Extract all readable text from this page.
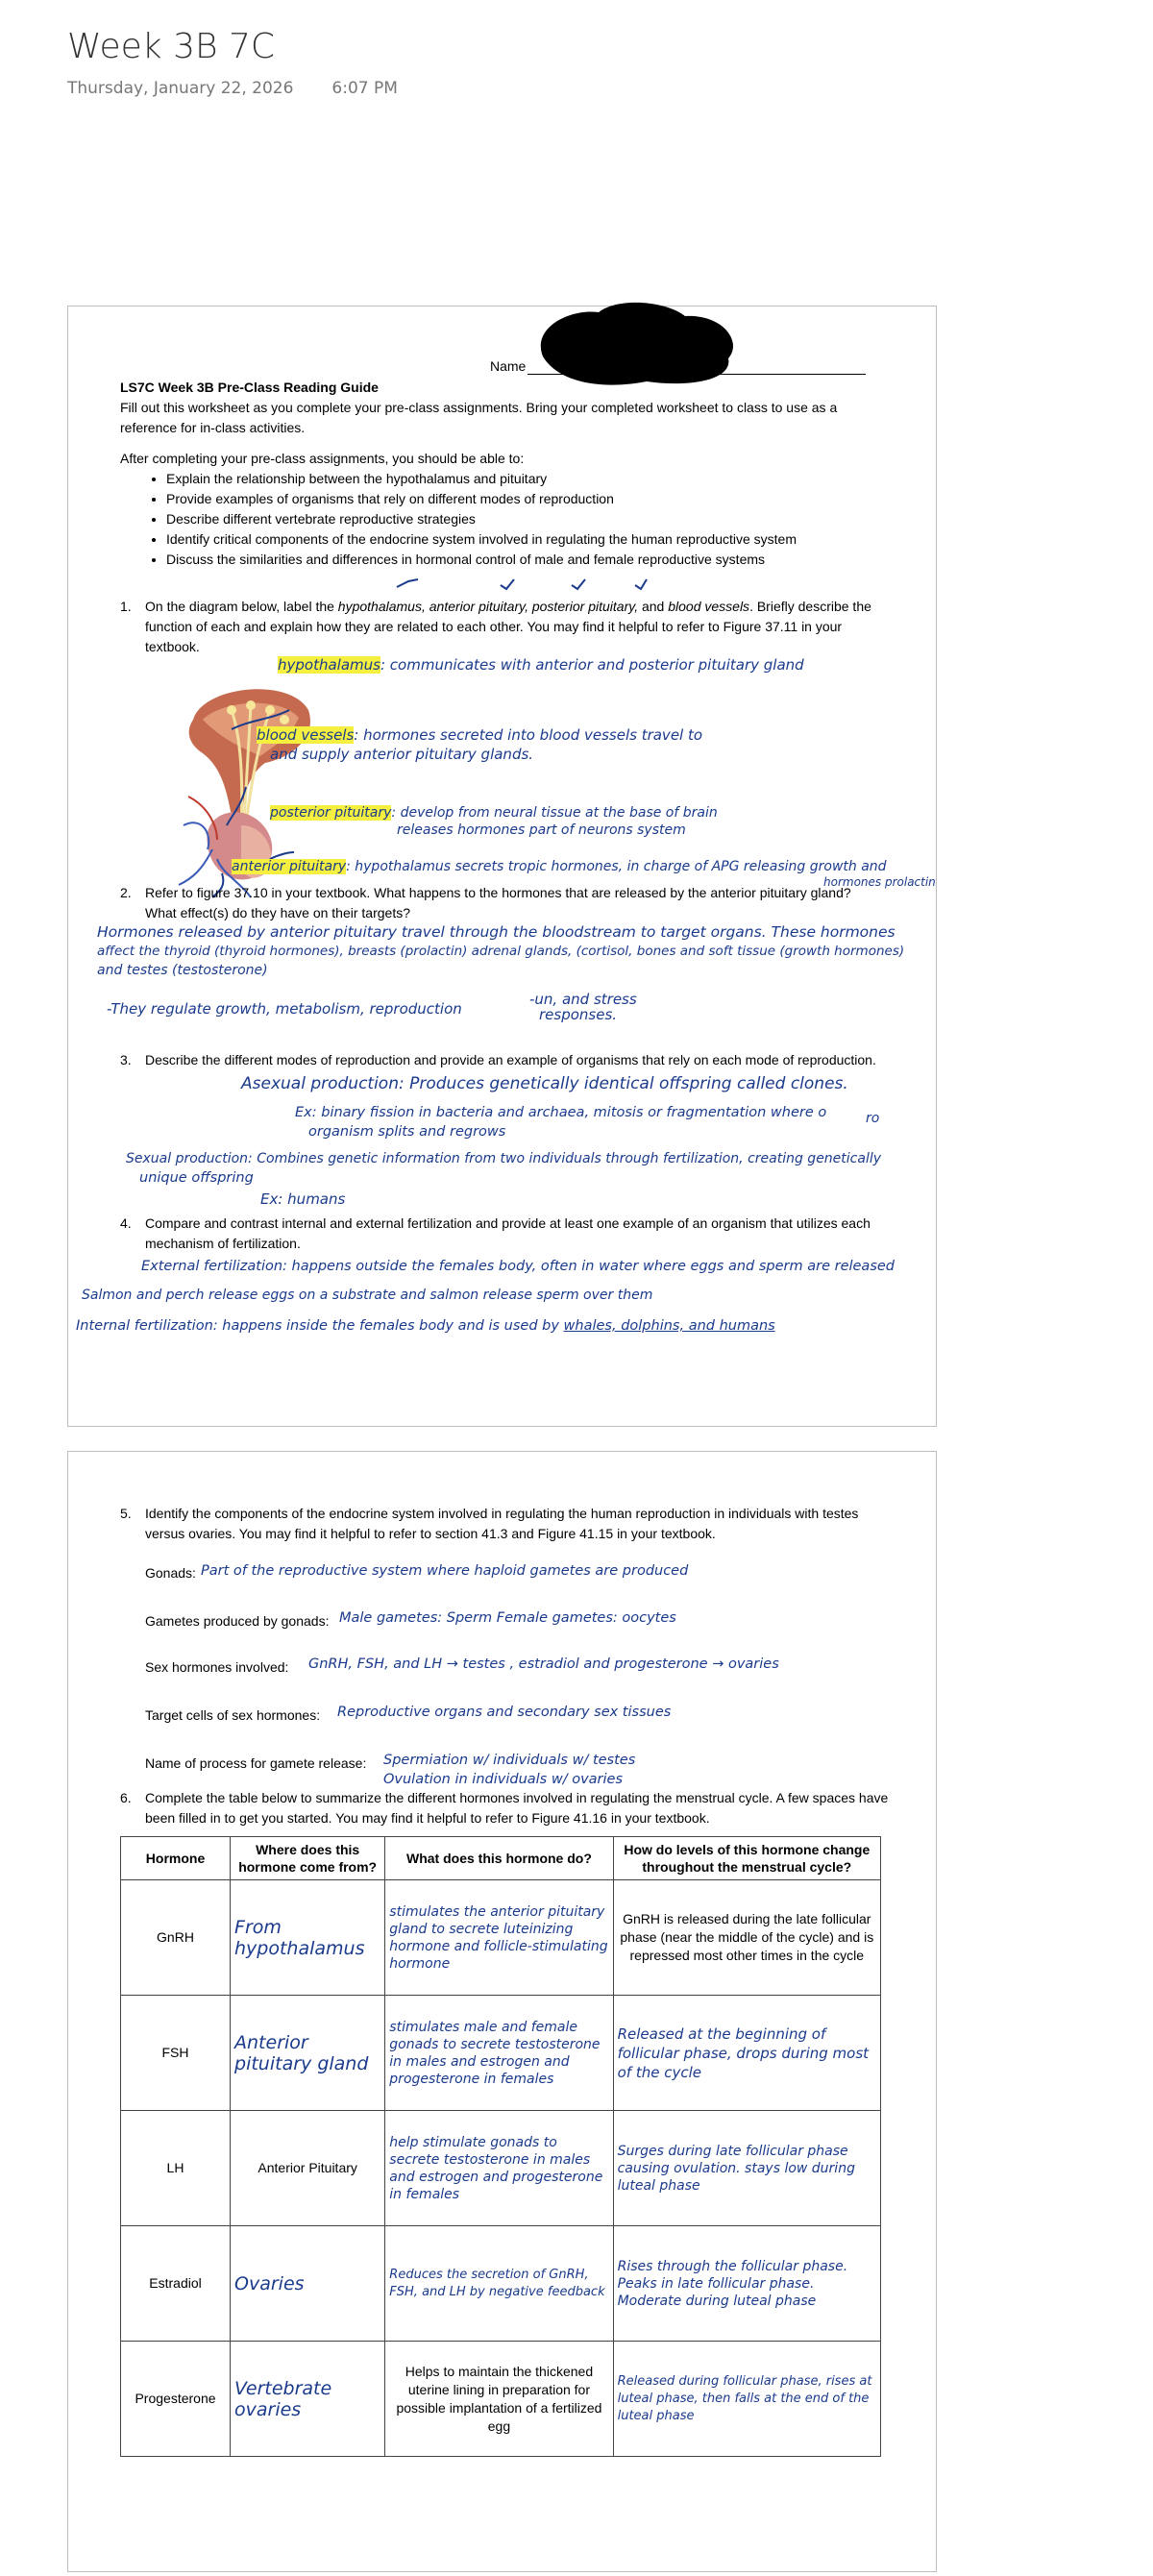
Week 3B 7C
Thursday, January 22, 2026 6:07 PM
Name
LS7C Week 3B Pre-Class Reading Guide
Fill out this worksheet as you complete your pre-class assignments. Bring your completed worksheet to class to use as a reference for in-class activities.
After completing your pre-class assignments, you should be able to:
• Explain the relationship between the hypothalamus and pituitary
• Provide examples of organisms that rely on different modes of reproduction
• Describe different vertebrate reproductive strategies
• Identify critical components of the endocrine system involved in regulating the human reproductive system
• Discuss the similarities and differences in hormonal control of male and female reproductive systems
1. On the diagram below, label the hypothalamus, anterior pituitary, posterior pituitary, and blood vessels. Briefly describe the function of each and explain how they are related to each other. You may find it helpful to refer to Figure 37.11 in your textbook.
hypothalamus: communicates with anterior and posterior pituitary gland
blood vessels: hormones secreted into blood vessels travel to
and supply anterior pituitary glands.
posterior pituitary: develop from neural tissue at the base of brain
releases hormones part of neurons system
anterior pituitary: hypothalamus secrets tropic hormones, in charge of APG releasing growth and
hormones prolactin
2. Refer to figure 37.10 in your textbook. What happens to the hormones that are released by the anterior pituitary gland? What effect(s) do they have on their targets?
Hormones released by anterior pituitary travel through the bloodstream to target organs. These hormones
affect the thyroid (thyroid hormones), breasts (prolactin) adrenal glands, (cortisol, bones and soft tissue (growth hormones)
and testes (testosterone)
-They regulate growth, metabolism, reproduction
-un, and stress
responses.
3. Describe the different modes of reproduction and provide an example of organisms that rely on each mode of reproduction.
Asexual production: Produces genetically identical offspring called clones.
Ex: binary fission in bacteria and archaea, mitosis or fragmentation where o	ro
organism splits and regrows
Sexual production: Combines genetic information from two individuals through fertilization, creating genetically
unique offspring
Ex: humans
4. Compare and contrast internal and external fertilization and provide at least one example of an organism that utilizes each mechanism of fertilization.
External fertilization: happens outside the females body, often in water where eggs and sperm are released
Salmon and perch release eggs on a substrate and salmon release sperm over them
Internal fertilization: happens inside the females body and is used by whales, dolphins, and humans
5. Identify the components of the endocrine system involved in regulating the human reproduction in individuals with testes versus ovaries. You may find it helpful to refer to section 41.3 and Figure 41.15 in your textbook.
Gonads: Part of the reproductive system where haploid gametes are produced
Gametes produced by gonads: Male gametes: Sperm Female gametes: oocytes
Sex hormones involved: GnRH, FSH, and LH → testes , estradiol and progesterone → ovaries
Target cells of sex hormones: Reproductive organs and secondary sex tissues
Name of process for gamete release: Spermiation w/ individuals w/ testes
Ovulation in individuals w/ ovaries
6. Complete the table below to summarize the different hormones involved in regulating the menstrual cycle. A few spaces have been filled in to get you started. You may find it helpful to refer to Figure 41.16 in your textbook.
Hormone	Where does this hormone come from?	What does this hormone do?	How do levels of this hormone change throughout the menstrual cycle?
GnRH	From hypothalamus	stimulates the anterior pituitary gland to secrete luteinizing hormone and follicle-stimulating hormone	GnRH is released during the late follicular phase (near the middle of the cycle) and is repressed most other times in the cycle
FSH	Anterior pituitary gland	stimulates male and female gonads to secrete testosterone in males and estrogen and progesterone in females	Released at the beginning of follicular phase, drops during most of the cycle

LH	Anterior Pituitary	help stimulate gonads to secrete testosterone in males and estrogen and progesterone in females	Surges during late follicular phase causing ovulation. stays low during luteal phase

Estradiol	Ovaries	Reduces the secretion of GnRH, FSH, and LH by negative feedback	Rises through the follicular phase. Peaks in late follicular phase. Moderate during luteal phase

Progesterone	Vertebrate ovaries	Helps to maintain the thickened uterine lining in preparation for possible implantation of a fertilized egg	Released during follicular phase, rises at luteal phase, then falls at the end of the luteal phase
